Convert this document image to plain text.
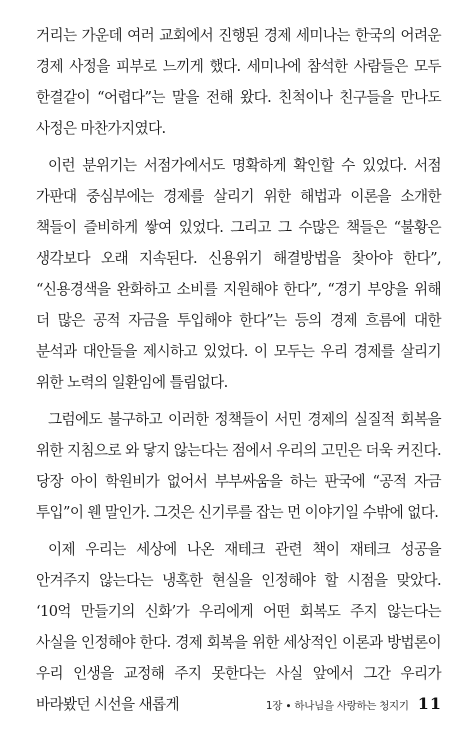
거리는 가운데 여러 교회에서 진행된 경제 세미나는 한국의 어려운 경제 사정을 피부로 느끼게 했다. 세미나에 참석한 사람들은 모두 한결같이 “어렵다”는 말을 전해 왔다. 친척이나 친구들을 만나도 사정은 마찬가지였다.

이런 분위기는 서점가에서도 명확하게 확인할 수 있었다. 서점 가판대 중심부에는 경제를 살리기 위한 해법과 이론을 소개한 책들이 즐비하게 쌓여 있었다. 그리고 그 수많은 책들은 “불황은 생각보다 오래 지속된다. 신용위기 해결방법을 찾아야 한다”, “신용경색을 완화하고 소비를 지원해야 한다”, “경기 부양을 위해 더 많은 공적 자금을 투입해야 한다”는 등의 경제 흐름에 대한 분석과 대안들을 제시하고 있었다. 이 모두는 우리 경제를 살리기 위한 노력의 일환임에 틀림없다.

그럼에도 불구하고 이러한 정책들이 서민 경제의 실질적 회복을 위한 지침으로 와 닿지 않는다는 점에서 우리의 고민은 더욱 커진다. 당장 아이 학원비가 없어서 부부싸움을 하는 판국에 “공적 자금 투입”이 웬 말인가. 그것은 신기루를 잡는 먼 이야기일 수밖에 없다.

이제 우리는 세상에 나온 재테크 관련 책이 재테크 성공을 안겨주지 않는다는 냉혹한 현실을 인정해야 할 시점을 맞았다. ‘10억 만들기의 신화’가 우리에게 어떤 회복도 주지 않는다는 사실을 인정해야 한다. 경제 회복을 위한 세상적인 이론과 방법론이 우리 인생을 교정해 주지 못한다는 사실 앞에서 그간 우리가 바라봤던 시선을 새롭게	1장 ∙ 하나님을 사랑하는 청지기 11
